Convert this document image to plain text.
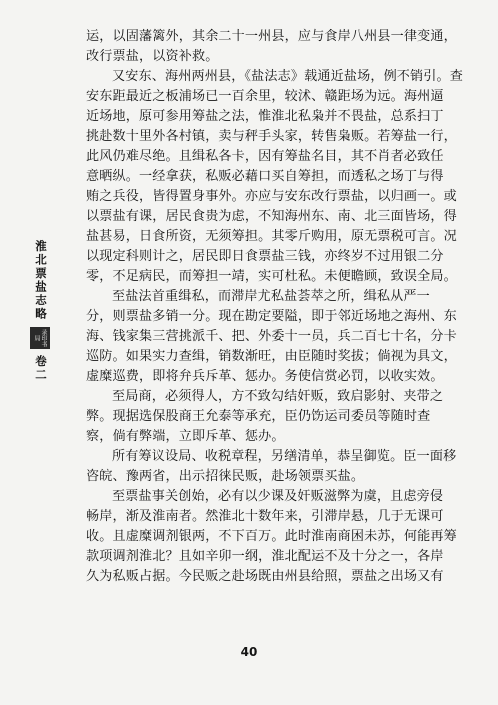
淮北票盐志略
录印书局
卷二
运，以固藩篱外，其余二十一州县，应与食岸八州县一律变通，
改行票盐，以资补救。
又安东、海州两州县，《盐法志》载通近盐场，例不销引。查
安东距最近之板浦场已一百余里，较沭、赣距场为远。海州逼
近场地，原可参用筹盐之法，惟淮北私枭并不畏盐，总系扫丁
挑赴数十里外各村镇，卖与秤手头家，转售枭贩。若筹盐一行，
此风仍难尽绝。且缉私各卡，因有筹盐名目，其不肖者必致任
意晒纵。一经拿获，私贩必藉口买自筹担，而透私之场丁与得
贿之兵役，皆得置身事外。亦应与安东改行票盐，以归画一。或
以票盐有课，居民食贵为虑，不知海州东、南、北三面皆场，得
盐甚易，日食所资，无须筹担。其零斤购用，原无票税可言。况
以现定科则计之，居民即日食票盐三钱，亦终岁不过用银二分
零，不足病民，而筹担一靖，实可杜私。未便瞻顾，致误全局。
至盐法首重缉私，而滞岸尤私盐荟萃之所，缉私从严一
分，则票盐多销一分。现在勘定要隘，即于邻近场地之海州、东
海、钱家集三营挑派千、把、外委十一员，兵二百七十名，分卡
巡防。如果实力查缉，销数渐旺，由臣随时奖拔；倘视为具文，
虚糜巡费，即将弁兵斥革、惩办。务使信赏必罚，以收实效。
至局商，必须得人，方不致勾结奸贩，致启影射、夹带之
弊。现据选保股商王允泰等承充，臣仍饬运司委员等随时查
察，倘有弊端，立即斥革、惩办。
所有筹议设局、收税章程，另缮清单，恭呈御览。臣一面移
咨皖、豫两省，出示招徕民贩，赴场领票买盐。
至票盐事关创始，必有以少课及奸贩滋弊为虞，且虑旁侵
畅岸，渐及淮南者。然淮北十数年来，引滞岸悬，几于无课可
收。且虚糜调剂银两，不下百万。此时淮南商困未苏，何能再筹
款项调剂淮北？且如辛卯一纲，淮北配运不及十分之一，各岸
久为私贩占据。今民贩之赴场既由州县给照，票盐之出场又有
40
